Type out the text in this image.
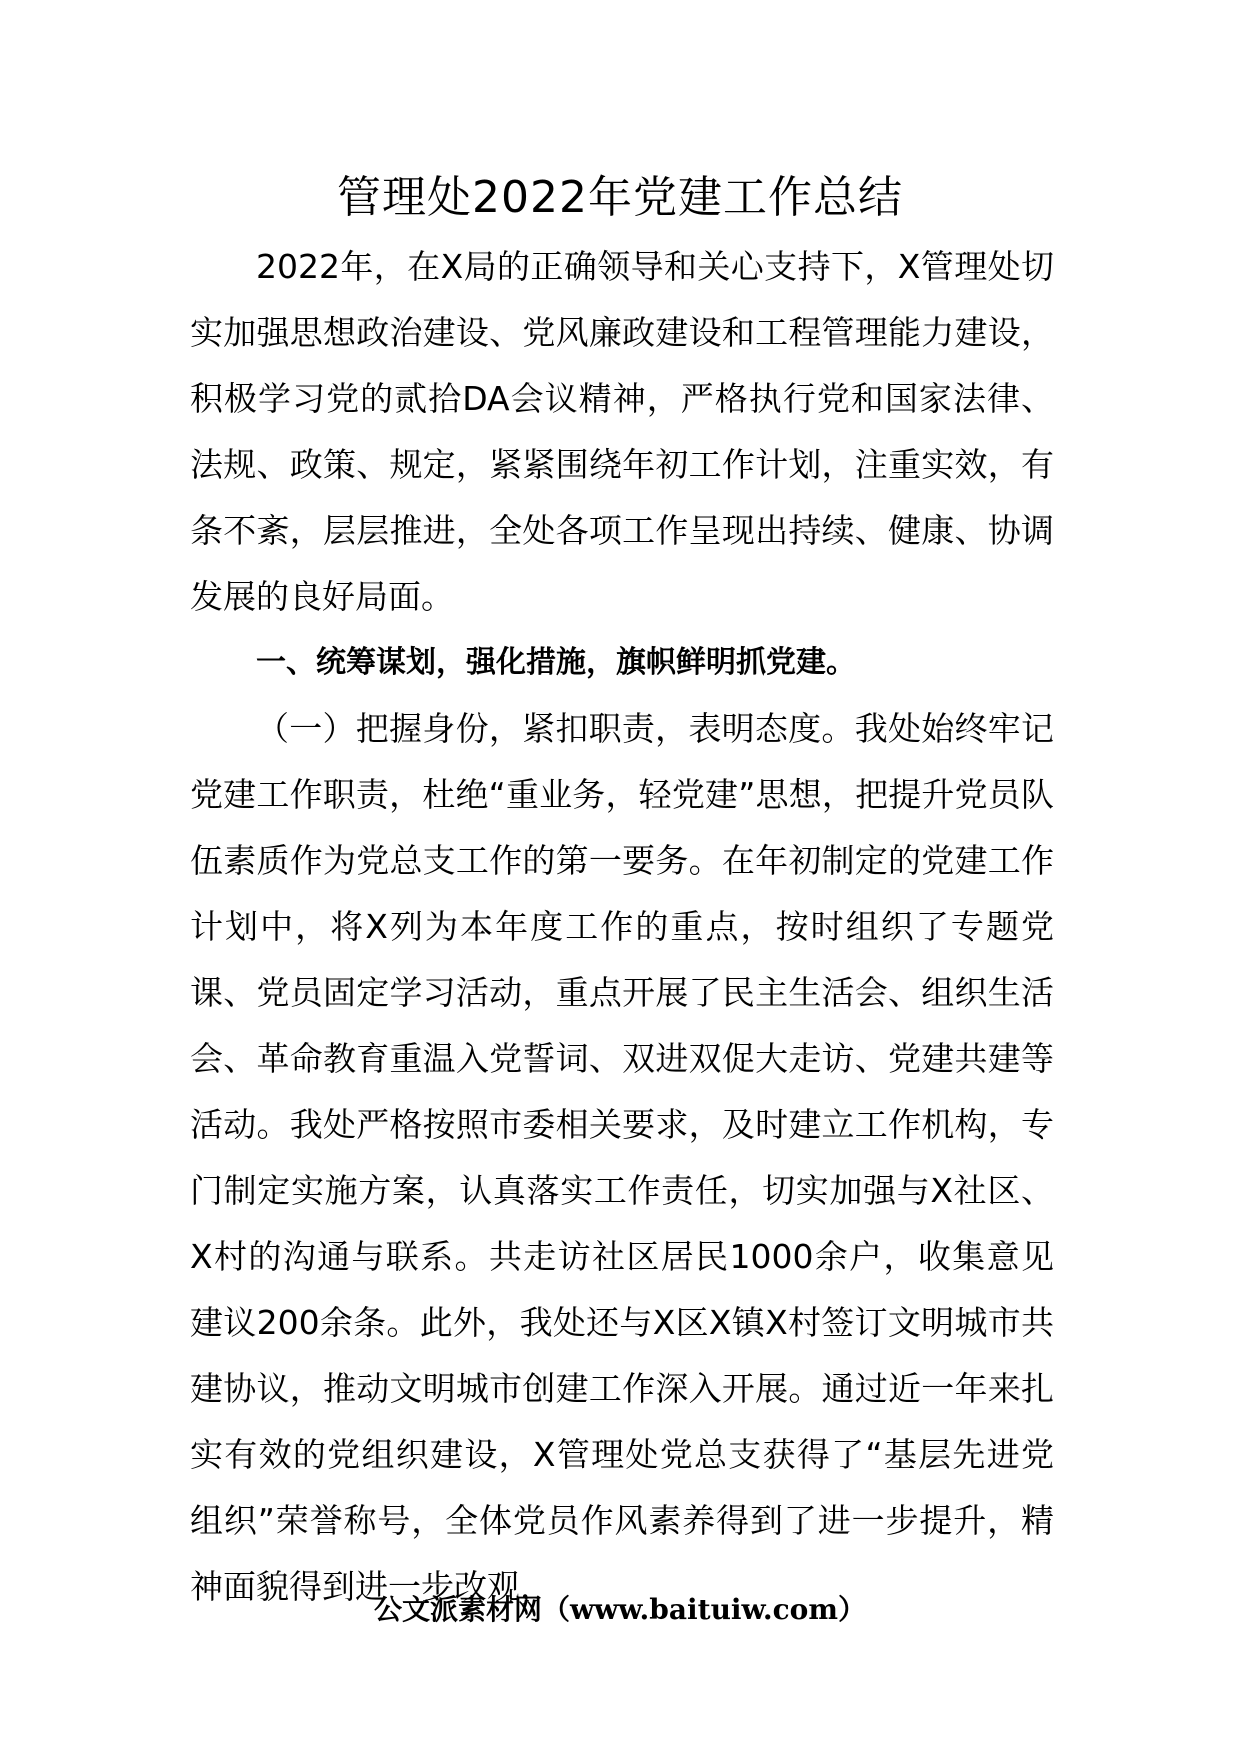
管理处2022年党建工作总结

2022年，在X局的正确领导和关心支持下，X管理处切实加强思想政治建设、党风廉政建设和工程管理能力建设，积极学习党的贰拾DA会议精神，严格执行党和国家法律、法规、政策、规定，紧紧围绕年初工作计划，注重实效，有条不紊，层层推进，全处各项工作呈现出持续、健康、协调发展的良好局面。

一、统筹谋划，强化措施，旗帜鲜明抓党建。

（一）把握身份，紧扣职责，表明态度。我处始终牢记党建工作职责，杜绝“重业务，轻党建”思想，把提升党员队伍素质作为党总支工作的第一要务。在年初制定的党建工作计划中，将X列为本年度工作的重点，按时组织了专题党课、党员固定学习活动，重点开展了民主生活会、组织生活会、革命教育重温入党誓词、双进双促大走访、党建共建等活动。我处严格按照市委相关要求，及时建立工作机构，专门制定实施方案，认真落实工作责任，切实加强与X社区、X村的沟通与联系。共走访社区居民1000余户，收集意见建议200余条。此外，我处还与X区X镇X村签订文明城市共建协议，推动文明城市创建工作深入开展。通过近一年来扎实有效的党组织建设，X管理处党总支获得了“基层先进党组织”荣誉称号，全体党员作风素养得到了进一步提升，精神面貌得到进一步改观，

公文派素材网（www.baituiw.com）
